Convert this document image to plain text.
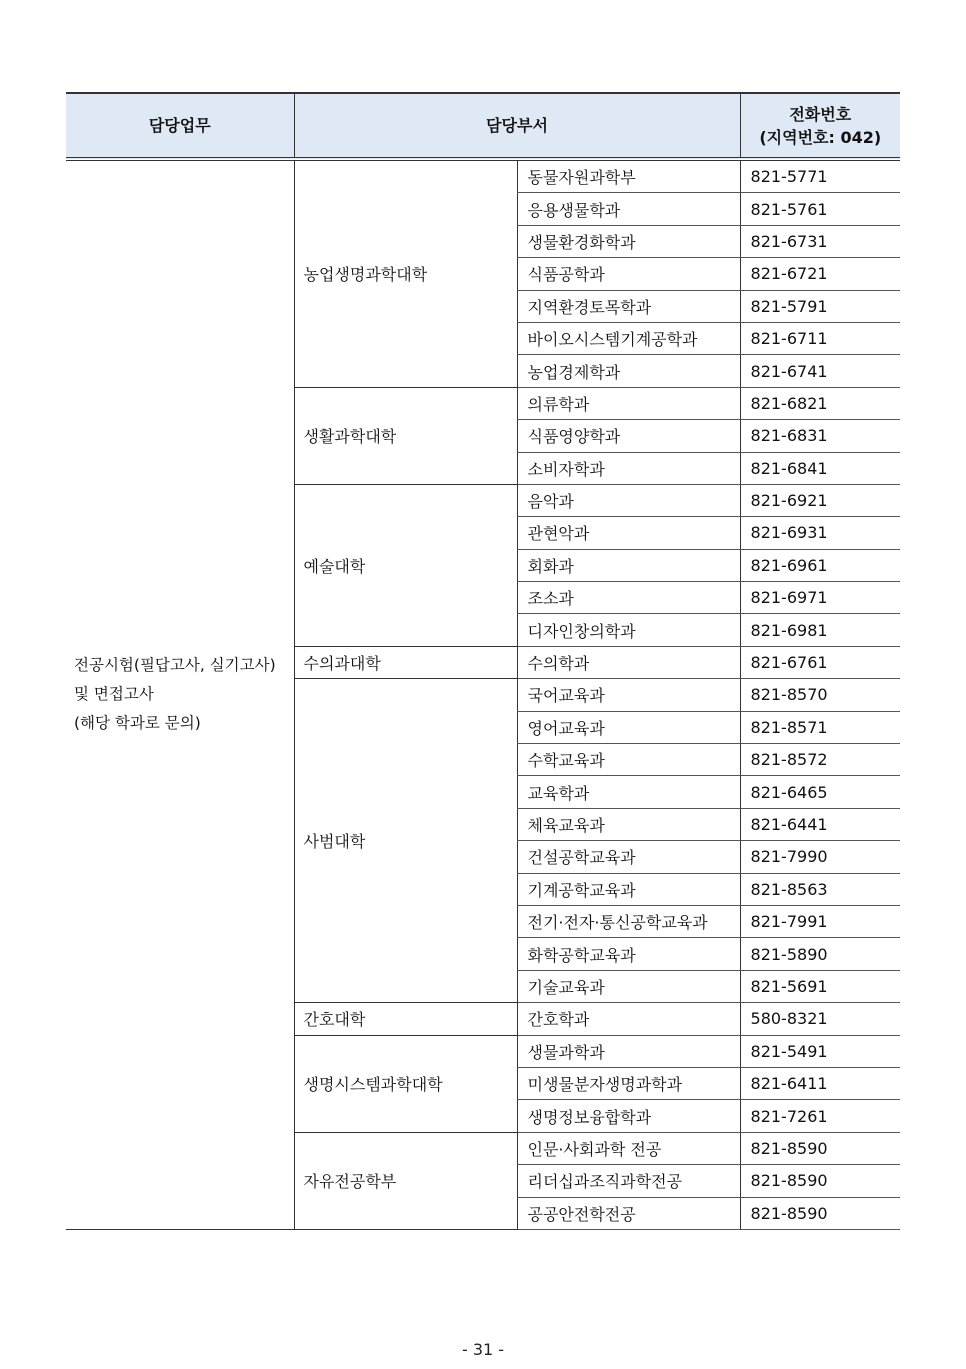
담당업무	담당부서		전화번호
(지역번호: 042)

전공시험(필답고사, 실기고사)
및 면접고사
(해당 학과로 문의)	농업생명과학대학	동물자원과학부	821-5771
		응용생물학과	821-5761
		생물환경화학과	821-6731
		식품공학과	821-6721
		지역환경토목학과	821-5791
		바이오시스템기계공학과	821-6711
		농업경제학과	821-6741
	생활과학대학	의류학과	821-6821
		식품영양학과	821-6831
		소비자학과	821-6841
	예술대학	음악과	821-6921
		관현악과	821-6931
		회화과	821-6961
		조소과	821-6971
		디자인창의학과	821-6981
	수의과대학	수의학과	821-6761
	사범대학	국어교육과	821-8570
		영어교육과	821-8571
		수학교육과	821-8572
		교육학과	821-6465
		체육교육과	821-6441
		건설공학교육과	821-7990
		기계공학교육과	821-8563
		전기·전자·통신공학교육과	821-7991
		화학공학교육과	821-5890
		기술교육과	821-5691
	간호대학	간호학과	580-8321
	생명시스템과학대학	생물과학과	821-5491
		미생물분자생명과학과	821-6411
		생명정보융합학과	821-7261
	자유전공학부	인문·사회과학 전공	821-8590
		리더십과조직과학전공	821-8590
		공공안전학전공	821-8590
- 31 -
